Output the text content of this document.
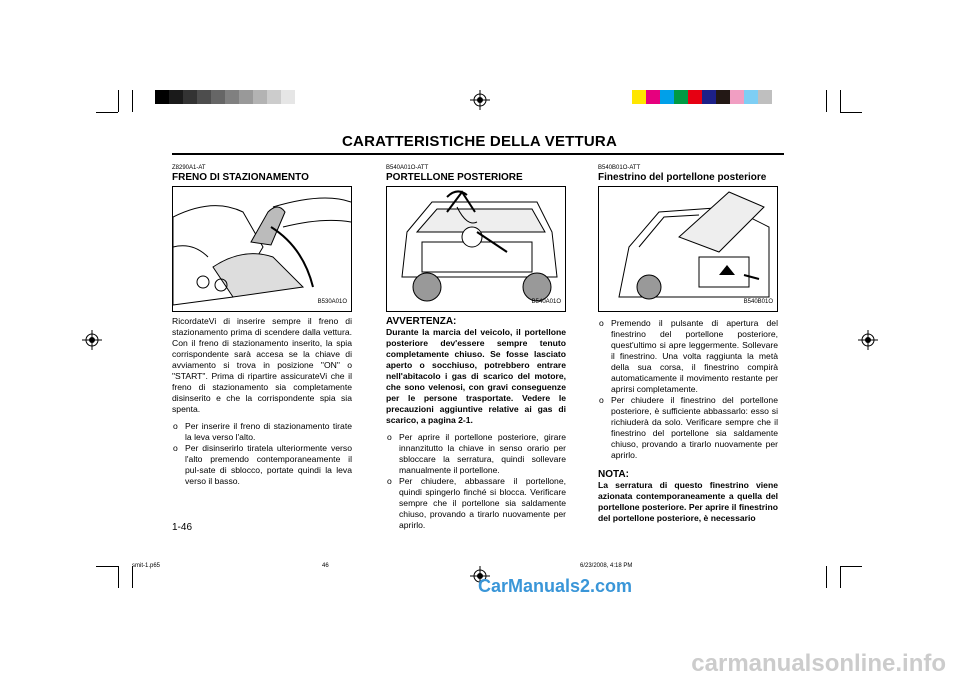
CARATTERISTICHE DELLA VETTURA
Z8290A1-AT
FRENO DI STAZIONAMENTO
B530A01O

RicordateVi di inserire sempre il freno di stazionamento prima di scendere dalla vettura. Con il freno di stazionamento inserito, la spia corrispondente sarà accesa se la chiave di avviamento si trova in posizione "ON" o "START". Prima di ripartire assicurateVi che il freno di stazionamento sia completamente disinserito e che la corrispondente spia sia spenta.

o Per inserire il freno di stazionamento tirate la leva verso l'alto.
o Per disinserirlo tiratela ulteriormente verso l'alto premendo contemporaneamente il pul-sate di sblocco, portate quindi la leva verso il basso.
B540A01O-ATT
PORTELLONE POSTERIORE
B540A01O
AVVERTENZA:

Durante la marcia del veicolo, il portellone posteriore dev'essere sempre tenuto completamente chiuso. Se fosse lasciato aperto o socchiuso, potrebbero entrare nell'abitacolo i gas di scarico del motore, che sono velenosi, con gravi conseguenze per le persone trasportate. Vedere le precauzioni aggiuntive relative ai gas di scarico, a pagina 2-1.

o Per aprire il portellone posteriore, girare innanzitutto la chiave in senso orario per sbloccare la serratura, quindi sollevare manualmente il portellone.
o Per chiudere, abbassare il portellone, quindi spingerlo finché si blocca. Verificare sempre che il portellone sia saldamente chiuso, provando a tirarlo nuovamente per aprirlo.
B540B01O-ATT
Finestrino del portellone posteriore
B540B01O
o Premendo il pulsante di apertura del finestrino del portellone posteriore, quest'ultimo si apre leggermente. Sollevare il finestrino. Una volta raggiunta la metà della sua corsa, il finestrino compirà automaticamente il movimento restante per aprirsi completamente.
o Per chiudere il finestrino del portellone posteriore, è sufficiente abbassarlo: esso si richiuderà da solo. Verificare sempre che il finestrino del portellone sia saldamente chiuso, provando a tirarlo nuovamente per aprirlo.
NOTA:

La serratura di questo finestrino viene azionata contemporaneamente a quella del portellone posteriore. Per aprire il finestrino del portellone posteriore, è necessario

1-46
smit-1.p65	46	6/23/2008, 4:18 PM
CarManuals2.com
carmanualsonline.info
